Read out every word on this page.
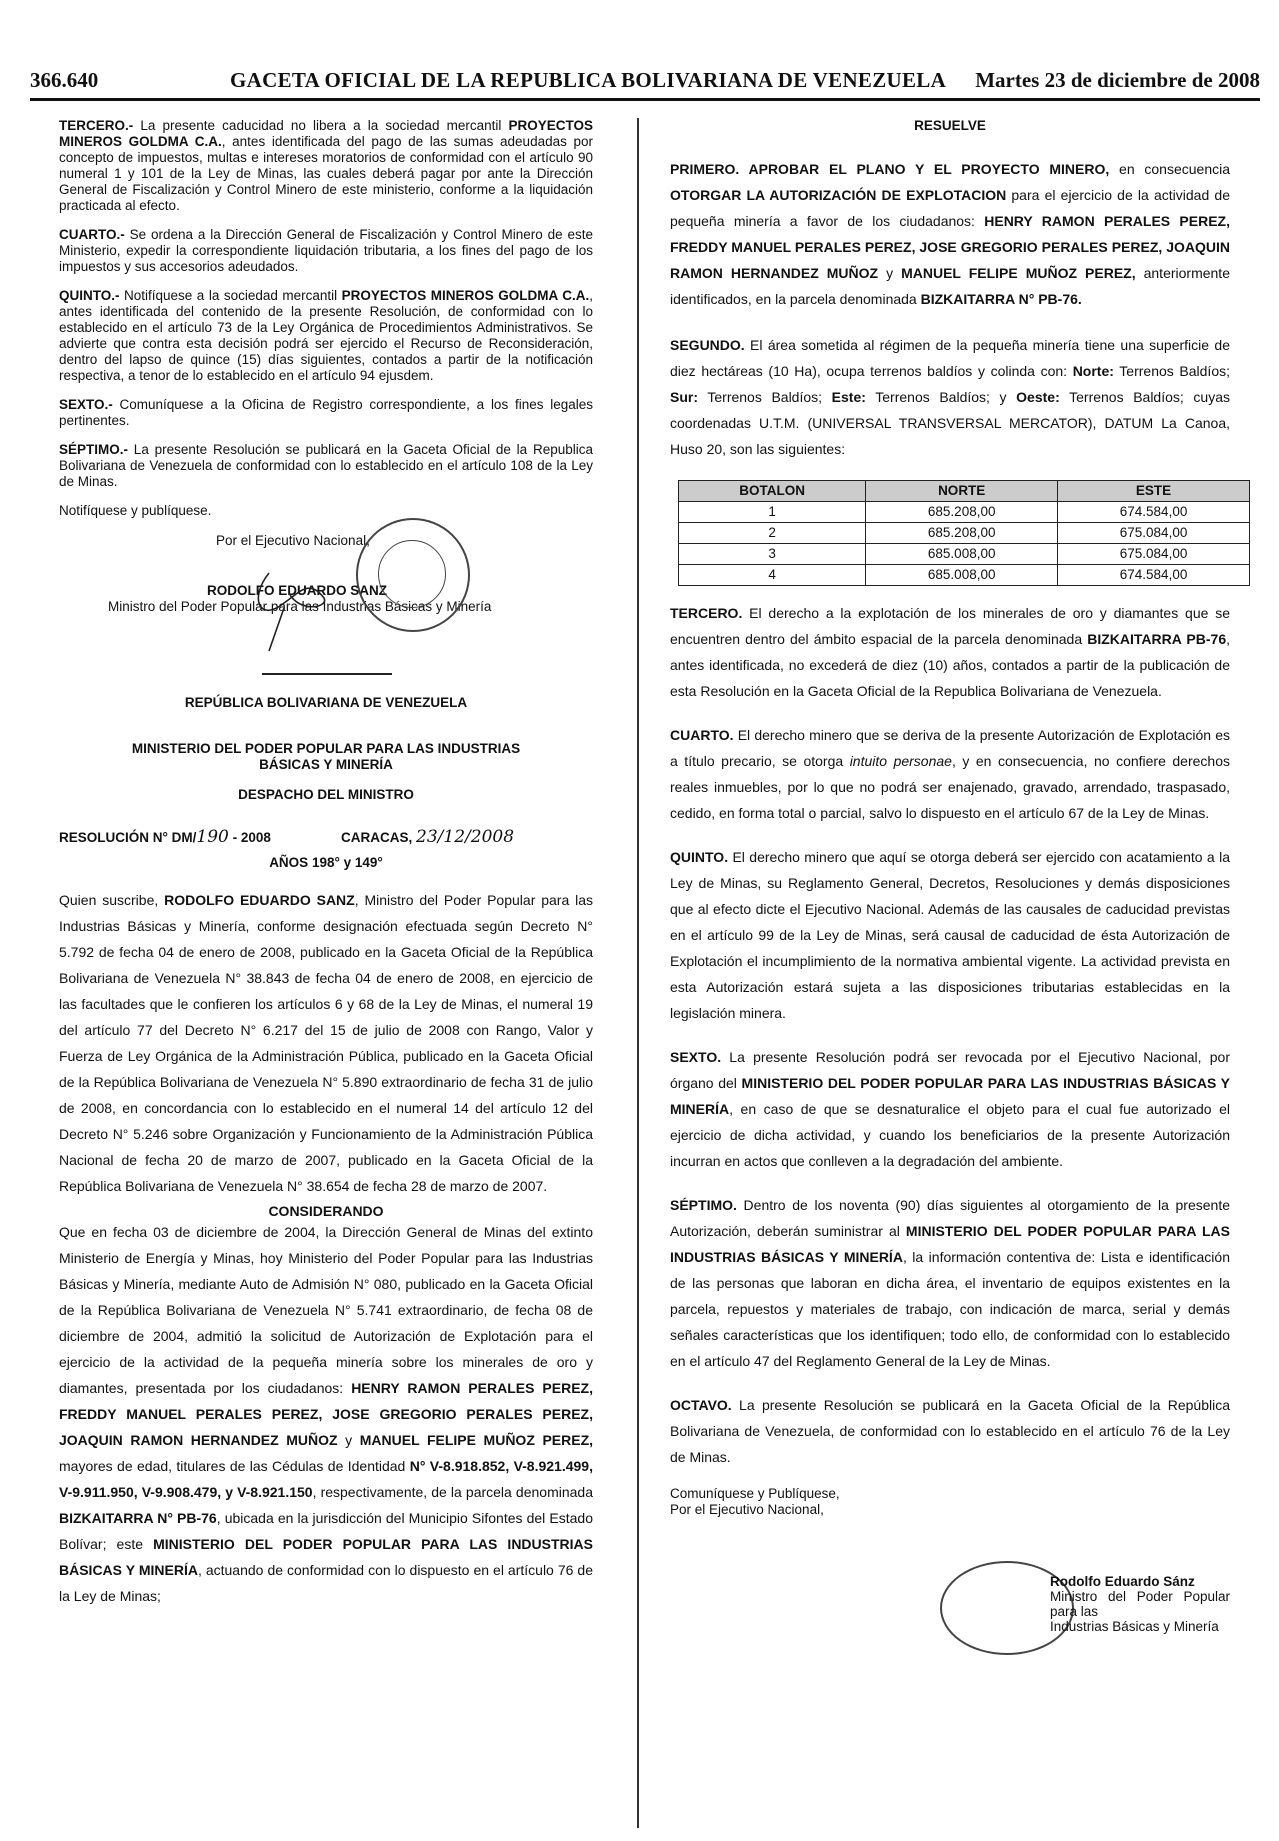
366.640	GACETA OFICIAL DE LA REPUBLICA BOLIVARIANA DE VENEZUELA Martes 23 de diciembre de 2008

TERCERO.- La presente caducidad no libera a la sociedad mercantil PROYECTOS MINEROS GOLDMA C.A., antes identificada del pago de las sumas adeudadas por concepto de impuestos, multas e intereses moratorios de conformidad con el artículo 90 numeral 1 y 101 de la Ley de Minas, las cuales deberá pagar por ante la Dirección General de Fiscalización y Control Minero de este ministerio, conforme a la liquidación practicada al efecto.

CUARTO.- Se ordena a la Dirección General de Fiscalización y Control Minero de este Ministerio, expedir la correspondiente liquidación tributaria, a los fines del pago de los impuestos y sus accesorios adeudados.

QUINTO.- Notifíquese a la sociedad mercantil PROYECTOS MINEROS GOLDMA C.A., antes identificada del contenido de la presente Resolución, de conformidad con lo establecido en el artículo 73 de la Ley Orgánica de Procedimientos Administrativos. Se advierte que contra esta decisión podrá ser ejercido el Recurso de Reconsideración, dentro del lapso de quince (15) días siguientes, contados a partir de la notificación respectiva, a tenor de lo establecido en el artículo 94 ejusdem.

SEXTO.- Comuníquese a la Oficina de Registro correspondiente, a los fines legales pertinentes.

SÉPTIMO.- La presente Resolución se publicará en la Gaceta Oficial de la Republica Bolivariana de Venezuela de conformidad con lo establecido en el artículo 108 de la Ley de Minas.

Notifíquese y publíquese.
Por el Ejecutivo Nacional,
RODOLFO EDUARDO SANZ
Ministro del Poder Popular para las Industrias Básicas y Minería

REPÚBLICA BOLIVARIANA DE VENEZUELA

MINISTERIO DEL PODER POPULAR PARA LAS INDUSTRIAS
BÁSICAS Y MINERÍA

DESPACHO DEL MINISTRO

RESOLUCIÓN N° DM/190 - 2008	CARACAS, 23/12/2008

AÑOS 198° y 149°

Quien suscribe, RODOLFO EDUARDO SANZ, Ministro del Poder Popular para las Industrias Básicas y Minería, conforme designación efectuada según Decreto N° 5.792 de fecha 04 de enero de 2008, publicado en la Gaceta Oficial de la República Bolivariana de Venezuela N° 38.843 de fecha 04 de enero de 2008, en ejercicio de las facultades que le confieren los artículos 6 y 68 de la Ley de Minas, el numeral 19 del artículo 77 del Decreto N° 6.217 del 15 de julio de 2008 con Rango, Valor y Fuerza de Ley Orgánica de la Administración Pública, publicado en la Gaceta Oficial de la República Bolivariana de Venezuela N° 5.890 extraordinario de fecha 31 de julio de 2008, en concordancia con lo establecido en el numeral 14 del artículo 12 del Decreto N° 5.246 sobre Organización y Funcionamiento de la Administración Pública Nacional de fecha 20 de marzo de 2007, publicado en la Gaceta Oficial de la República Bolivariana de Venezuela N° 38.654 de fecha 28 de marzo de 2007.

CONSIDERANDO

Que en fecha 03 de diciembre de 2004, la Dirección General de Minas del extinto Ministerio de Energía y Minas, hoy Ministerio del Poder Popular para las Industrias Básicas y Minería, mediante Auto de Admisión N° 080, publicado en la Gaceta Oficial de la República Bolivariana de Venezuela N° 5.741 extraordinario, de fecha 08 de diciembre de 2004, admitió la solicitud de Autorización de Explotación para el ejercicio de la actividad de la pequeña minería sobre los minerales de oro y diamantes, presentada por los ciudadanos: HENRY RAMON PERALES PEREZ, FREDDY MANUEL PERALES PEREZ, JOSE GREGORIO PERALES PEREZ, JOAQUIN RAMON HERNANDEZ MUÑOZ y MANUEL FELIPE MUÑOZ PEREZ, mayores de edad, titulares de las Cédulas de Identidad N° V-8.918.852, V-8.921.499, V-9.911.950, V-9.908.479, y V-8.921.150, respectivamente, de la parcela denominada BIZKAITARRA N° PB-76, ubicada en la jurisdicción del Municipio Sifontes del Estado Bolívar; este MINISTERIO DEL PODER POPULAR PARA LAS INDUSTRIAS BÁSICAS Y MINERÍA, actuando de conformidad con lo dispuesto en el artículo 76 de la Ley de Minas;

RESUELVE

PRIMERO. APROBAR EL PLANO Y EL PROYECTO MINERO, en consecuencia OTORGAR LA AUTORIZACIÓN DE EXPLOTACION para el ejercicio de la actividad de pequeña minería a favor de los ciudadanos: HENRY RAMON PERALES PEREZ, FREDDY MANUEL PERALES PEREZ, JOSE GREGORIO PERALES PEREZ, JOAQUIN RAMON HERNANDEZ MUÑOZ y MANUEL FELIPE MUÑOZ PEREZ, anteriormente identificados, en la parcela denominada BIZKAITARRA N° PB-76.

SEGUNDO. El área sometida al régimen de la pequeña minería tiene una superficie de diez hectáreas (10 Ha), ocupa terrenos baldíos y colinda con: Norte: Terrenos Baldíos; Sur: Terrenos Baldíos; Este: Terrenos Baldíos; y Oeste: Terrenos Baldíos; cuyas coordenadas U.T.M. (UNIVERSAL TRANSVERSAL MERCATOR), DATUM La Canoa, Huso 20, son las siguientes:

BOTALON	NORTE	ESTE
1	685.208,00	674.584,00
2	685.208,00	675.084,00
3	685.008,00	675.084,00
4	685.008,00	674.584,00

TERCERO. El derecho a la explotación de los minerales de oro y diamantes que se encuentren dentro del ámbito espacial de la parcela denominada BIZKAITARRA PB-76, antes identificada, no excederá de diez (10) años, contados a partir de la publicación de esta Resolución en la Gaceta Oficial de la Republica Bolivariana de Venezuela.

CUARTO. El derecho minero que se deriva de la presente Autorización de Explotación es a título precario, se otorga intuito personae, y en consecuencia, no confiere derechos reales inmuebles, por lo que no podrá ser enajenado, gravado, arrendado, traspasado, cedido, en forma total o parcial, salvo lo dispuesto en el artículo 67 de la Ley de Minas.

QUINTO. El derecho minero que aquí se otorga deberá ser ejercido con acatamiento a la Ley de Minas, su Reglamento General, Decretos, Resoluciones y demás disposiciones que al efecto dicte el Ejecutivo Nacional. Además de las causales de caducidad previstas en el artículo 99 de la Ley de Minas, será causal de caducidad de ésta Autorización de Explotación el incumplimiento de la normativa ambiental vigente. La actividad prevista en esta Autorización estará sujeta a las disposiciones tributarias establecidas en la legislación minera.

SEXTO. La presente Resolución podrá ser revocada por el Ejecutivo Nacional, por órgano del MINISTERIO DEL PODER POPULAR PARA LAS INDUSTRIAS BÁSICAS Y MINERÍA, en caso de que se desnaturalice el objeto para el cual fue autorizado el ejercicio de dicha actividad, y cuando los beneficiarios de la presente Autorización incurran en actos que conlleven a la degradación del ambiente.

SÉPTIMO. Dentro de los noventa (90) días siguientes al otorgamiento de la presente Autorización, deberán suministrar al MINISTERIO DEL PODER POPULAR PARA LAS INDUSTRIAS BÁSICAS Y MINERÍA, la información contentiva de: Lista e identificación de las personas que laboran en dicha área, el inventario de equipos existentes en la parcela, repuestos y materiales de trabajo, con indicación de marca, serial y demás señales características que los identifiquen; todo ello, de conformidad con lo establecido en el artículo 47 del Reglamento General de la Ley de Minas.

OCTAVO. La presente Resolución se publicará en la Gaceta Oficial de la República Bolivariana de Venezuela, de conformidad con lo establecido en el artículo 76 de la Ley de Minas.

Comuníquese y Publíquese,
Por el Ejecutivo Nacional,
Rodolfo Eduardo Sánz
Ministro del Poder Popular para las
Industrias Básicas y Minería
